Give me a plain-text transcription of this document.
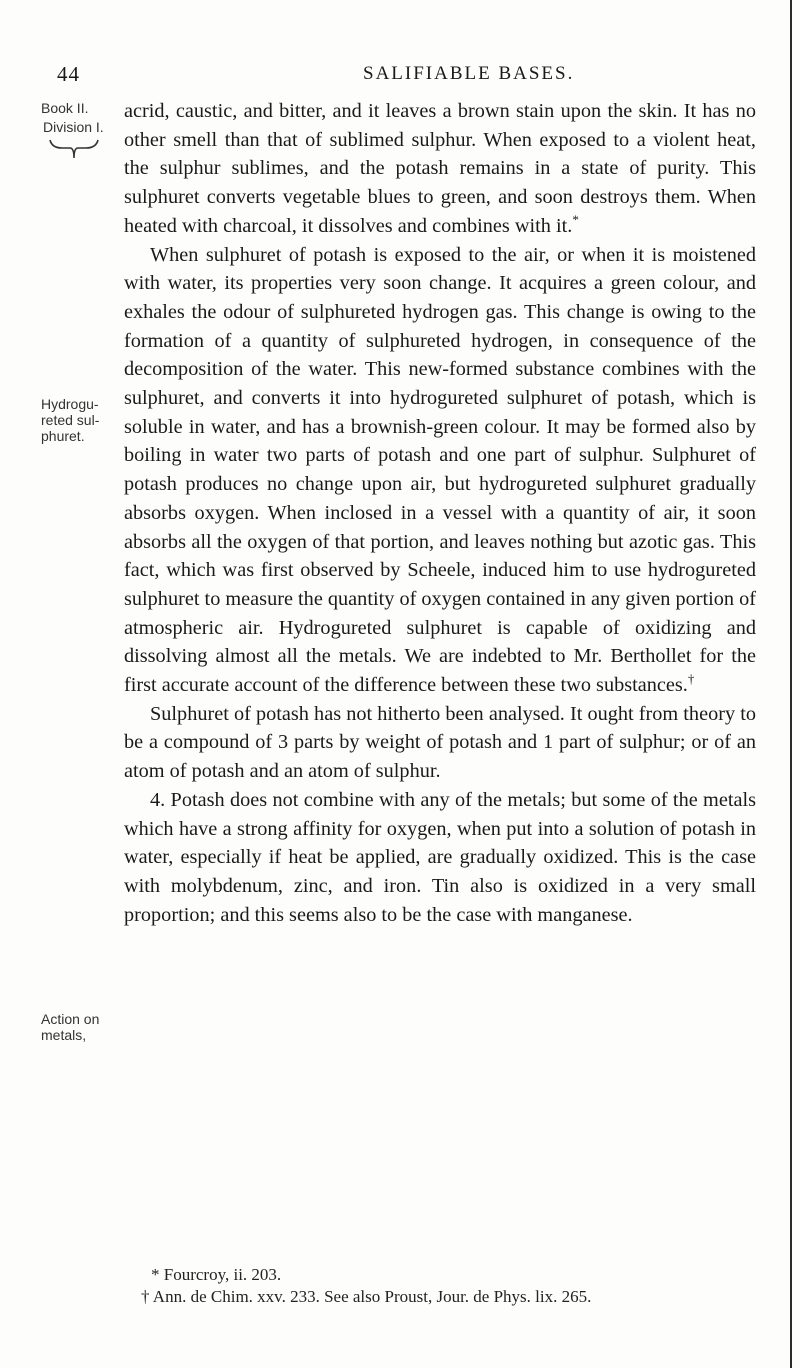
44	SALIFIABLE BASES.
Book II.
Division I.
Hydrogu-
reted sul-
phuret.
Action on
metals,

acrid, caustic, and bitter, and it leaves a brown stain upon the skin. It has no other smell than that of sublimed sulphur. When exposed to a violent heat, the sulphur sublimes, and the potash remains in a state of purity. This sulphuret converts vegetable blues to green, and soon destroys them. When heated with charcoal, it dissolves and combines with it.*

When sulphuret of potash is exposed to the air, or when it is moistened with water, its properties very soon change. It acquires a green colour, and exhales the odour of sulphureted hydrogen gas. This change is owing to the formation of a quantity of sulphureted hydrogen, in consequence of the decomposition of the water. This new-formed substance combines with the sulphuret, and converts it into hydrogureted sulphuret of potash, which is soluble in water, and has a brownish-green colour. It may be formed also by boiling in water two parts of potash and one part of sulphur. Sulphuret of potash produces no change upon air, but hydrogureted sulphuret gradually absorbs oxygen. When inclosed in a vessel with a quantity of air, it soon absorbs all the oxygen of that portion, and leaves nothing but azotic gas. This fact, which was first observed by Scheele, induced him to use hydrogureted sulphuret to measure the quantity of oxygen contained in any given portion of atmospheric air. Hydrogureted sulphuret is capable of oxidizing and dissolving almost all the metals. We are indebted to Mr. Berthollet for the first accurate account of the difference between these two substances.†

Sulphuret of potash has not hitherto been analysed. It ought from theory to be a compound of 3 parts by weight of potash and 1 part of sulphur; or of an atom of potash and an atom of sulphur.

4. Potash does not combine with any of the metals; but some of the metals which have a strong affinity for oxygen, when put into a solution of potash in water, especially if heat be applied, are gradually oxidized. This is the case with molybdenum, zinc, and iron. Tin also is oxidized in a very small proportion; and this seems also to be the case with manganese.

* Fourcroy, ii. 203.
† Ann. de Chim. xxv. 233. See also Proust, Jour. de Phys. lix. 265.
